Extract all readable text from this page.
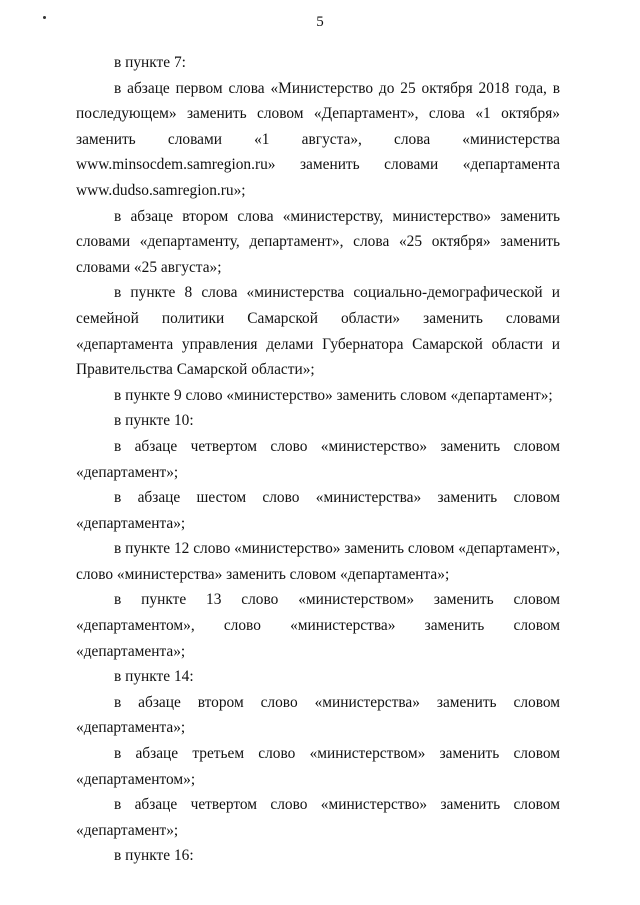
5

в пункте 7:

в абзаце первом слова «Министерство до 25 октября 2018 года, в последующем» заменить словом «Департамент», слова «1 октября» заменить словами «1 августа», слова «министерства www.minsocdem.samregion.ru» заменить словами «департамента www.dudso.samregion.ru»;

в абзаце втором слова «министерству, министерство» заменить словами «департаменту, департамент», слова «25 октября» заменить словами «25 августа»;

в пункте 8 слова «министерства социально-демографической и семейной политики Самарской области» заменить словами «департамента управления делами Губернатора Самарской области и Правительства Самарской области»;

в пункте 9 слово «министерство» заменить словом «департамент»;

в пункте 10:

в абзаце четвертом слово «министерство» заменить словом «департамент»;

в абзаце шестом слово «министерства» заменить словом «департамента»;

в пункте 12 слово «министерство» заменить словом «департамент», слово «министерства» заменить словом «департамента»;

в пункте 13 слово «министерством» заменить словом «департаментом», слово «министерства» заменить словом «департамента»;

в пункте 14:

в абзаце втором слово «министерства» заменить словом «департамента»;

в абзаце третьем слово «министерством» заменить словом «департаментом»;

в абзаце четвертом слово «министерство» заменить словом «департамент»;

в пункте 16:
